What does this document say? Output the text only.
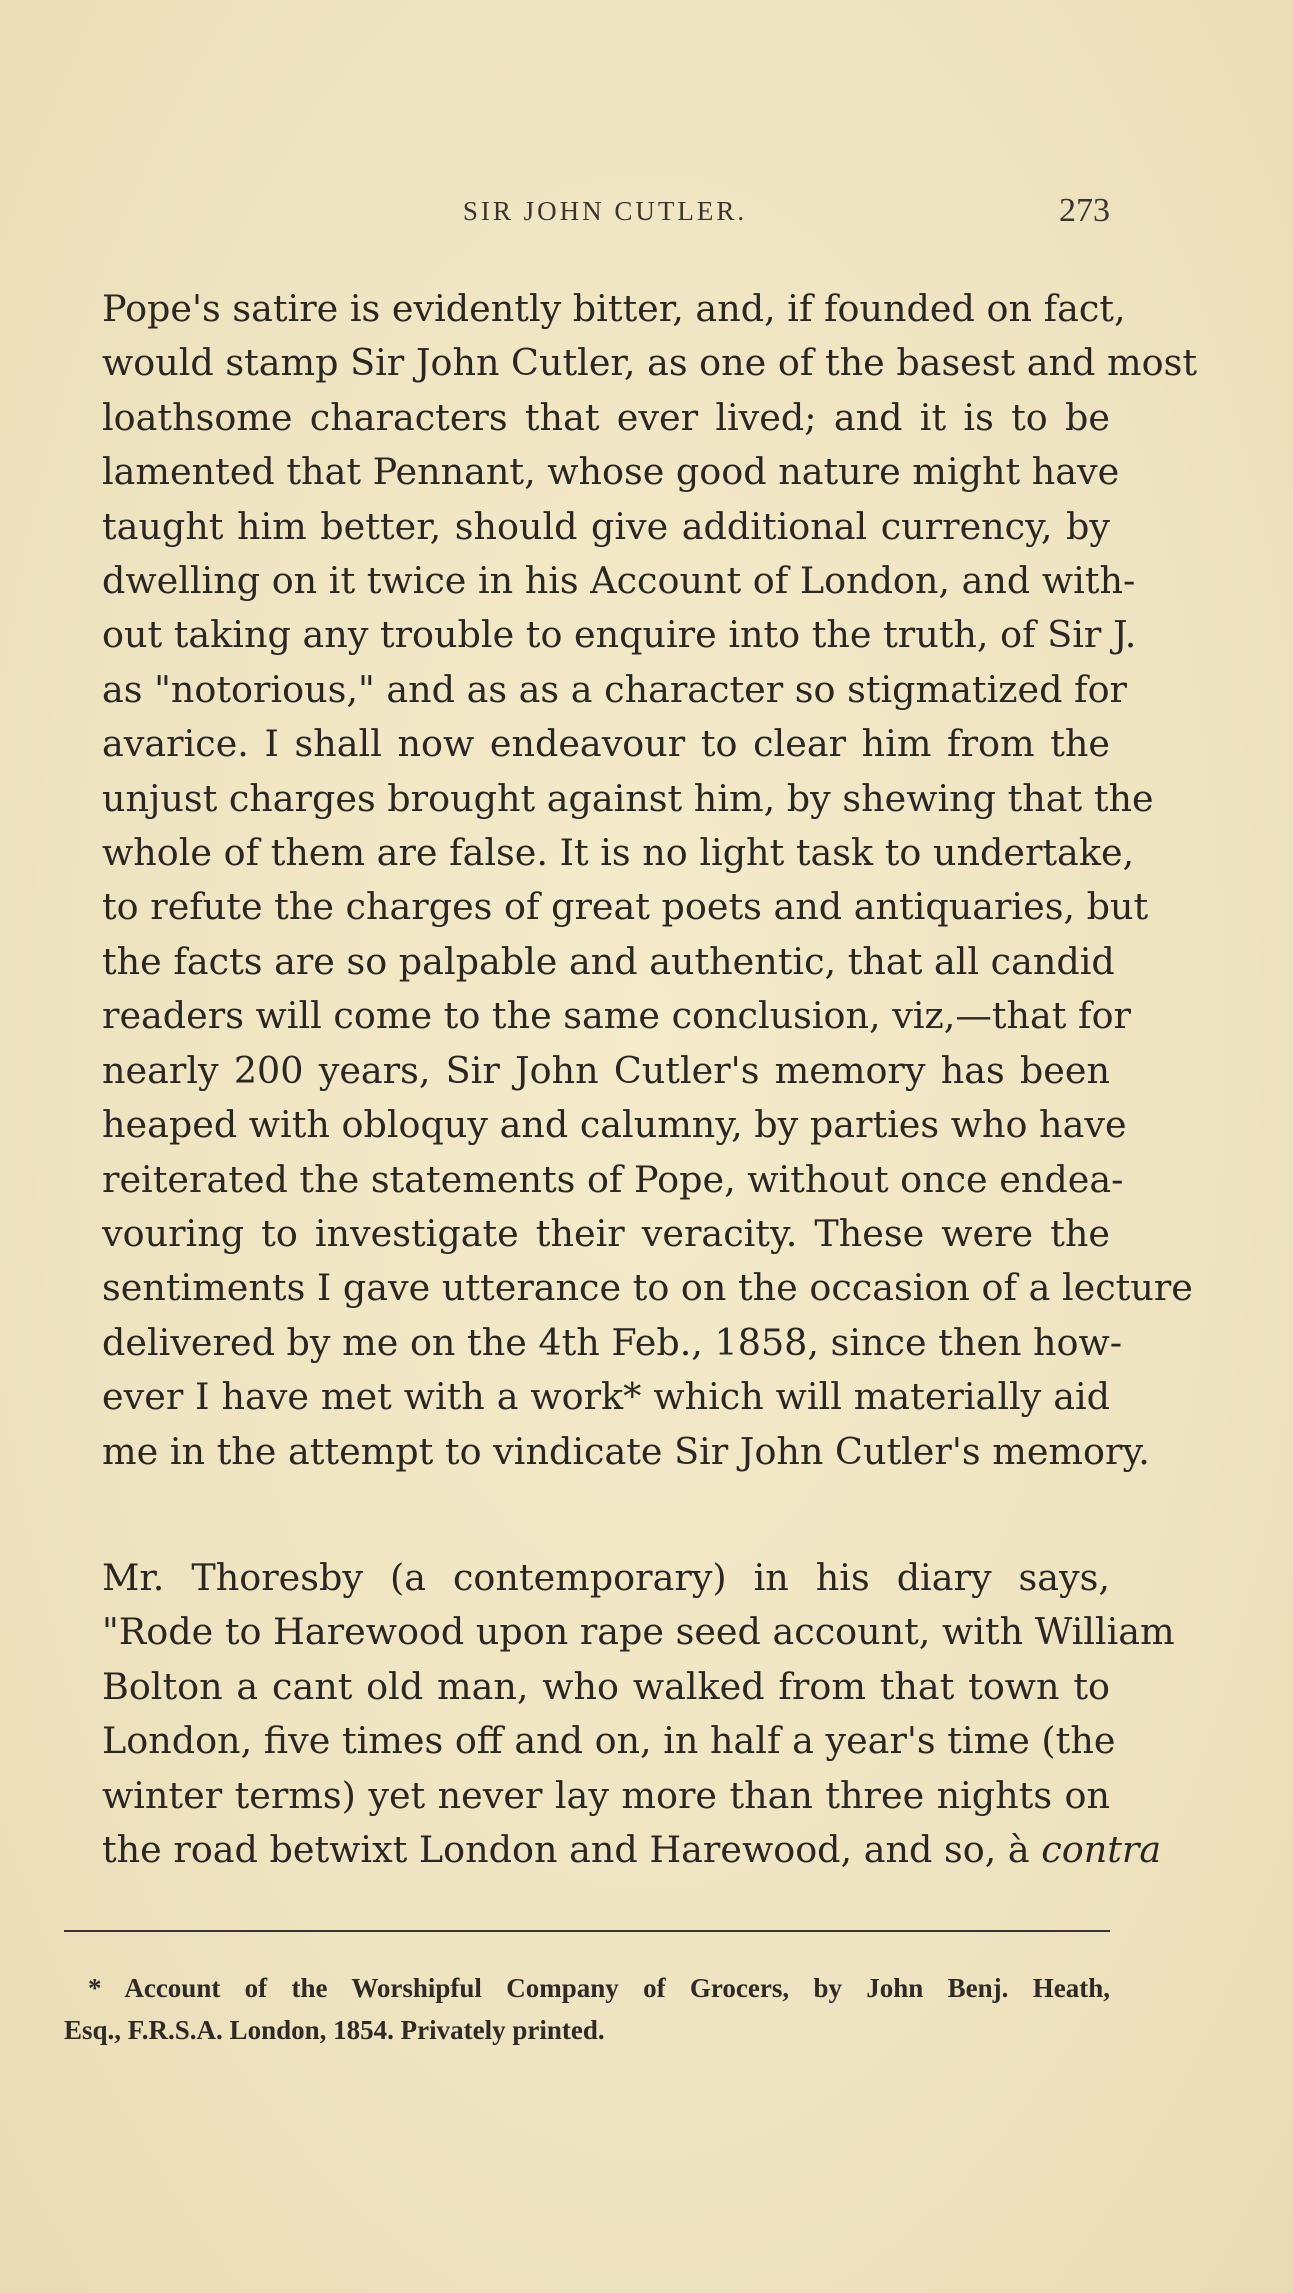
SIR JOHN CUTLER.	273
Pope's satire is evidently bitter, and, if founded on fact,
would stamp Sir John Cutler, as one of the basest and most
loathsome characters that ever lived; and it is to be
lamented that Pennant, whose good nature might have
taught him better, should give additional currency, by
dwelling on it twice in his Account of London, and with-
out taking any trouble to enquire into the truth, of Sir J.
as "notorious," and as as a character so stigmatized for
avarice. I shall now endeavour to clear him from the
unjust charges brought against him, by shewing that the
whole of them are false. It is no light task to undertake,
to refute the charges of great poets and antiquaries, but
the facts are so palpable and authentic, that all candid
readers will come to the same conclusion, viz,—that for
nearly 200 years, Sir John Cutler's memory has been
heaped with obloquy and calumny, by parties who have
reiterated the statements of Pope, without once endea-
vouring to investigate their veracity. These were the
sentiments I gave utterance to on the occasion of a lecture
delivered by me on the 4th Feb., 1858, since then how-
ever I have met with a work* which will materially aid
me in the attempt to vindicate Sir John Cutler's memory.
Mr. Thoresby (a contemporary) in his diary says,
"Rode to Harewood upon rape seed account, with William
Bolton a cant old man, who walked from that town to
London, five times off and on, in half a year's time (the
winter terms) yet never lay more than three nights on
the road betwixt London and Harewood, and so, à contra
* Account of the Worshipful Company of Grocers, by John Benj. Heath,
Esq., F.R.S.A. London, 1854. Privately printed.
